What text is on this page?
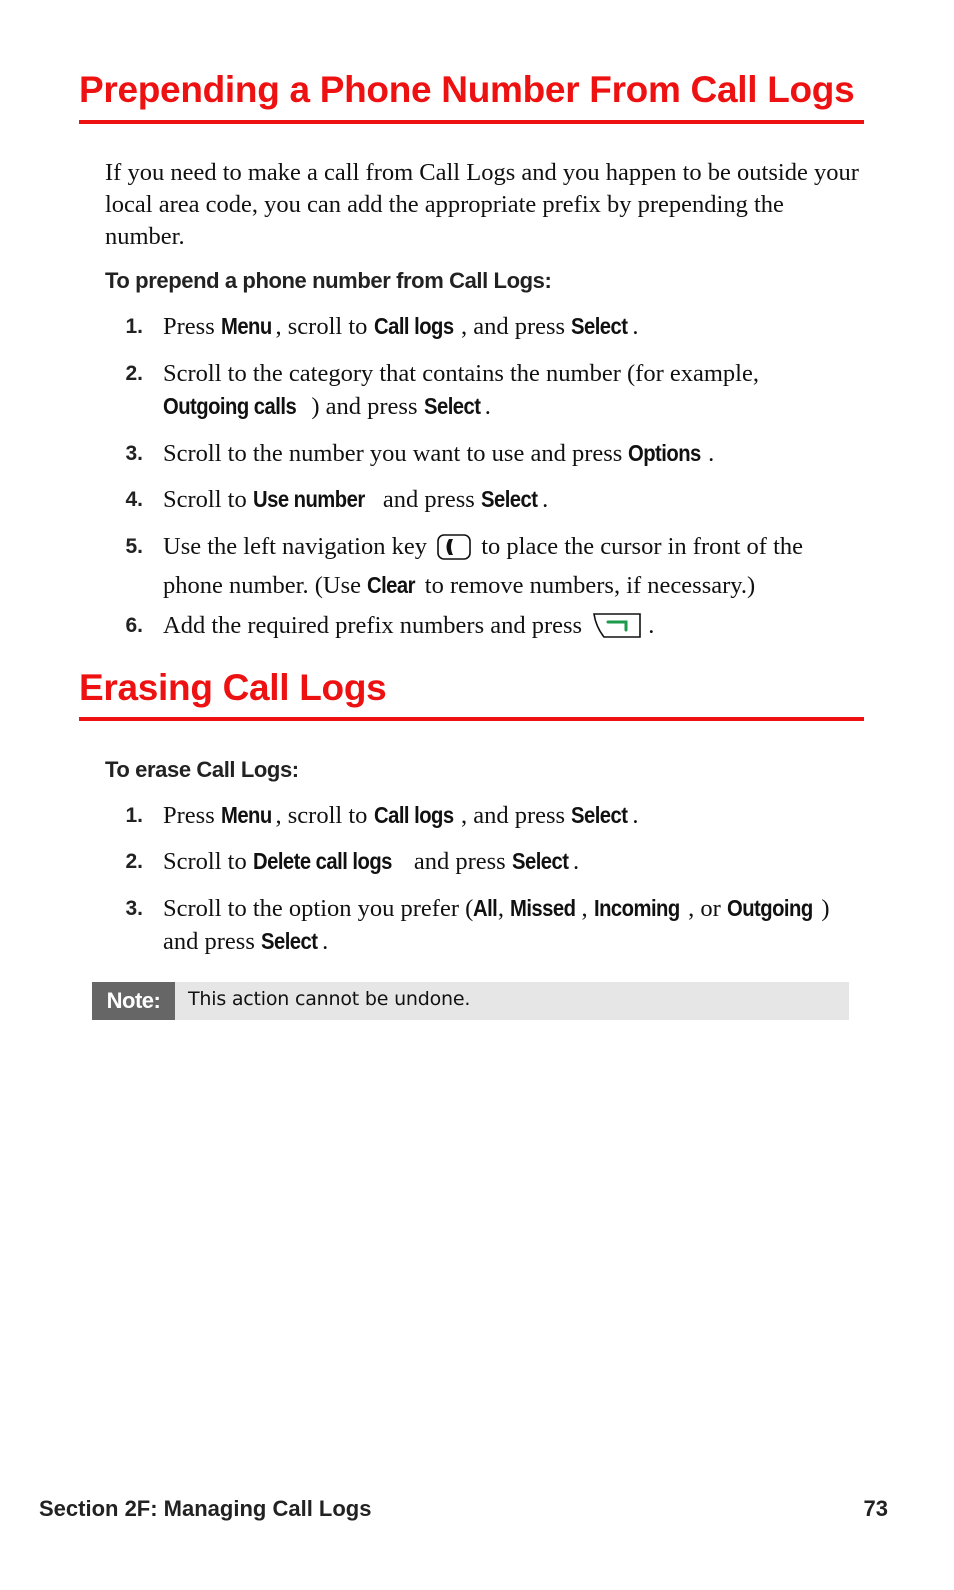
Prepending a Phone Number From Call Logs

If you need to make a call from Call Logs and you happen to be outside your local area code, you can add the appropriate prefix by prepending the number.

To prepend a phone number from Call Logs:

1. Press Menu , scroll to Call logs , and press Select .
2. Scroll to the category that contains the number (for example, Outgoing calls ) and press Select .
3. Scroll to the number you want to use and press Options .
4. Scroll to Use number and press Select .
5. Use the left navigation key  to place the cursor in front of the phone number. (Use Clear to remove numbers, if necessary.)
6. Add the required prefix numbers and press .
Erasing Call Logs

To erase Call Logs:

1. Press Menu , scroll to Call logs , and press Select .
2. Scroll to Delete call logs and press Select .
3. Scroll to the option you prefer (All, Missed , Incoming , or Outgoing ) and press Select .
Note:	This action cannot be undone.
Section 2F: Managing Call Logs	73
